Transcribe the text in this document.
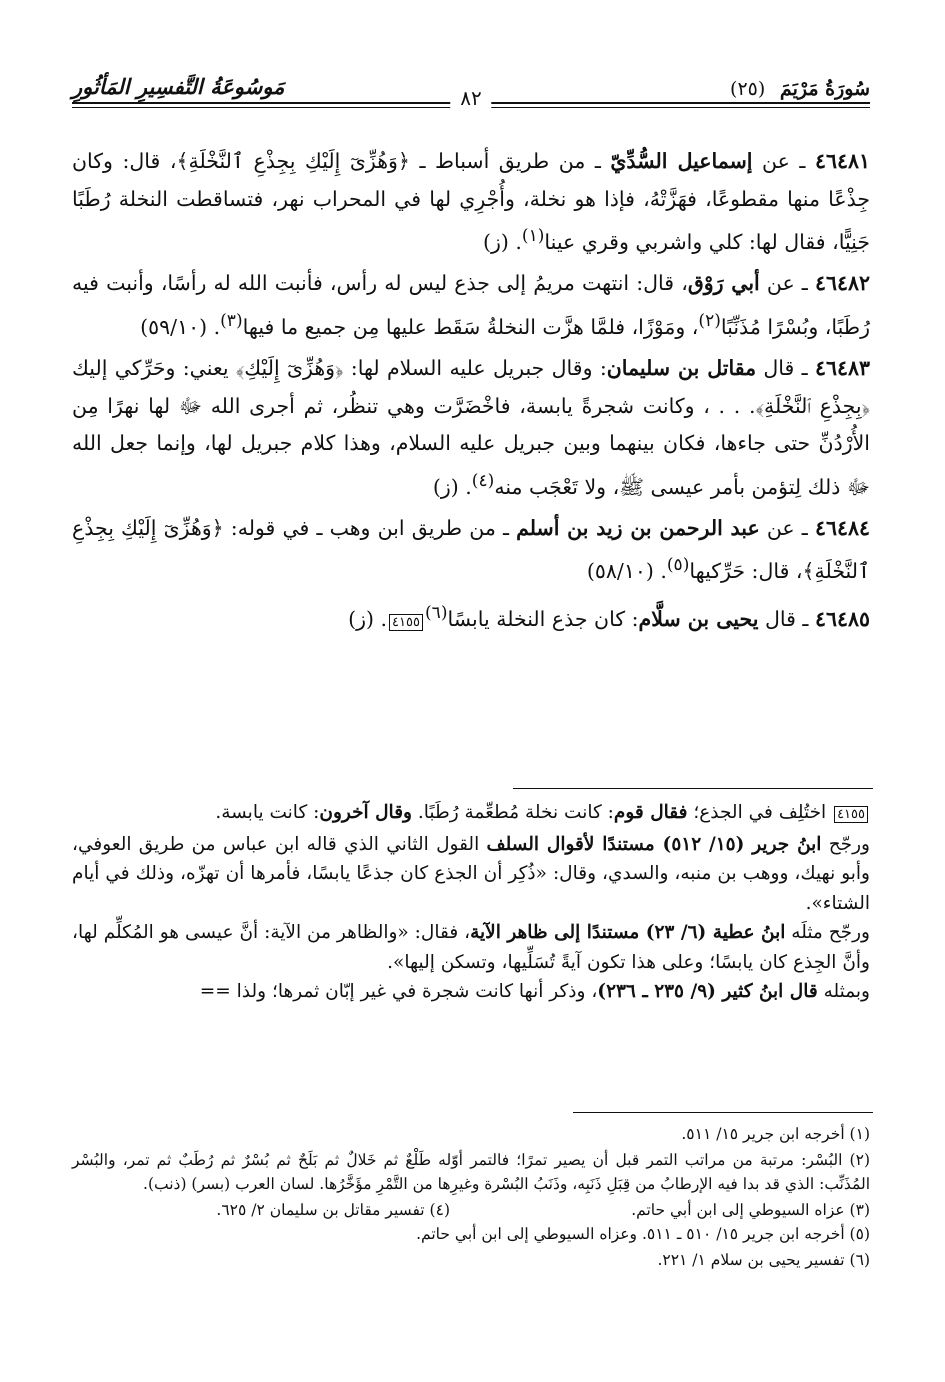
سُورَةُ مَرْيَمَ (٢٥)
٨٢
مَوسُوعَةُ التَّفسِيرِ المَأثُورِ

٤٦٤٨١ ـ عن إسماعيل السُّدِّيّ ـ من طريق أسباط ـ ﴿وَهُزِّىٓ إِلَيْكِ بِجِذْعِ ٱلنَّخْلَةِ﴾، قال: وكان جِذْعًا منها مقطوعًا، فهَزَّتْهُ، فإذا هو نخلة، وأُجْرِي لها في المحراب نهر، فتساقطت النخلة رُطَبًا جَنِيًّا، فقال لها: كلي واشربي وقري عينا$^{(١)}$. (ز)

٤٦٤٨٢ ـ عن أبي رَوْق، قال: انتهت مريمُ إلى جذع ليس له رأس، فأنبت الله له رأسًا، وأنبت فيه رُطَبًا، وبُسْرًا مُذَنِّبًا$^{(٢)}$، ومَوْزًا، فلمَّا هزَّت النخلةُ سَقَط عليها مِن جميع ما فيها$^{(٣)}$. (٥٩/١٠)

٤٦٤٨٣ ـ قال مقاتل بن سليمان: وقال جبريل عليه السلام لها: ﴿وَهُزِّىٓ إِلَيْكِ﴾ يعني: وحَرِّكي إليك ﴿بِجِذْعِ ٱلنَّخْلَةِ﴾. . . ، وكانت شجرةً يابسة، فاخْضَرَّت وهي تنظُر، ثم أجرى الله ﷻ لها نهرًا مِن الأُرْدُنِّ حتى جاءها، فكان بينهما وبين جبريل عليه السلام، وهذا كلام جبريل لها، وإنما جعل الله ﷻ ذلك لِتؤمن بأمر عيسى ﷺ، ولا تَعْجَب منه$^{(٤)}$. (ز)

٤٦٤٨٤ ـ عن عبد الرحمن بن زيد بن أسلم ـ من طريق ابن وهب ـ في قوله: ﴿وَهُزِّىٓ إِلَيْكِ بِجِذْعِ ٱلنَّخْلَةِ﴾، قال: حَرِّكيها$^{(٥)}$. (٥٨/١٠)

٤٦٤٨٥ ـ قال يحيى بن سلَّام: كان جذع النخلة يابسًا$^{(٦)}$٤١٥٥. (ز)

٤١٥٥ اختُلِف في الجذع؛ فقال قوم: كانت نخلة مُطعِّمة رُطَبًا. وقال آخرون: كانت يابسة.

ورجّح ابنُ جرير (١٥/ ٥١٢) مستندًا لأقوال السلف القول الثاني الذي قاله ابن عباس من طريق العوفي، وأبو نهيك، ووهب بن منبه، والسدي، وقال: «ذُكِر أن الجذع كان جذعًا يابسًا، فأمرها أن تهزّه، وذلك في أيام الشتاء».

ورجّح مثلَه ابنُ عطية (٦/ ٢٣) مستندًا إلى ظاهر الآية، فقال: «والظاهر من الآية: أنَّ عيسى هو المُكلِّم لها، وأنَّ الجِذع كان يابسًا؛ وعلى هذا تكون آيةً تُسَلِّيها، وتسكن إليها».

وبمثله قال ابنُ كثير (٩/ ٢٣٥ ـ ٢٣٦)، وذكر أنها كانت شجرة في غير إبّان ثمرها؛ ولذا ==

(١) أخرجه ابن جرير ١٥/ ٥١١.

(٢) البُسْر: مرتبة من مراتب التمر قبل أن يصير تمرًا؛ فالتمر أوّله طَلْعٌ ثم خَلالٌ ثم بَلَحٌ ثم بُسْرٌ ثم رُطَبٌ ثم تمر، والبُسْر المُذَنِّب: الذي قد بدا فيه الإرطابُ من قِبَلِ ذَنَبِه، وذَنَبُ البُسْرة وغيرِها من التَّمْرِ مؤَخَّرُها. لسان العرب (بسر) (ذنب).

(٣) عزاه السيوطي إلى ابن أبي حاتم.
(٤) تفسير مقاتل بن سليمان ٢/ ٦٢٥.

(٥) أخرجه ابن جرير ١٥/ ٥١٠ ـ ٥١١. وعزاه السيوطي إلى ابن أبي حاتم.

(٦) تفسير يحيى بن سلام ١/ ٢٢١.
